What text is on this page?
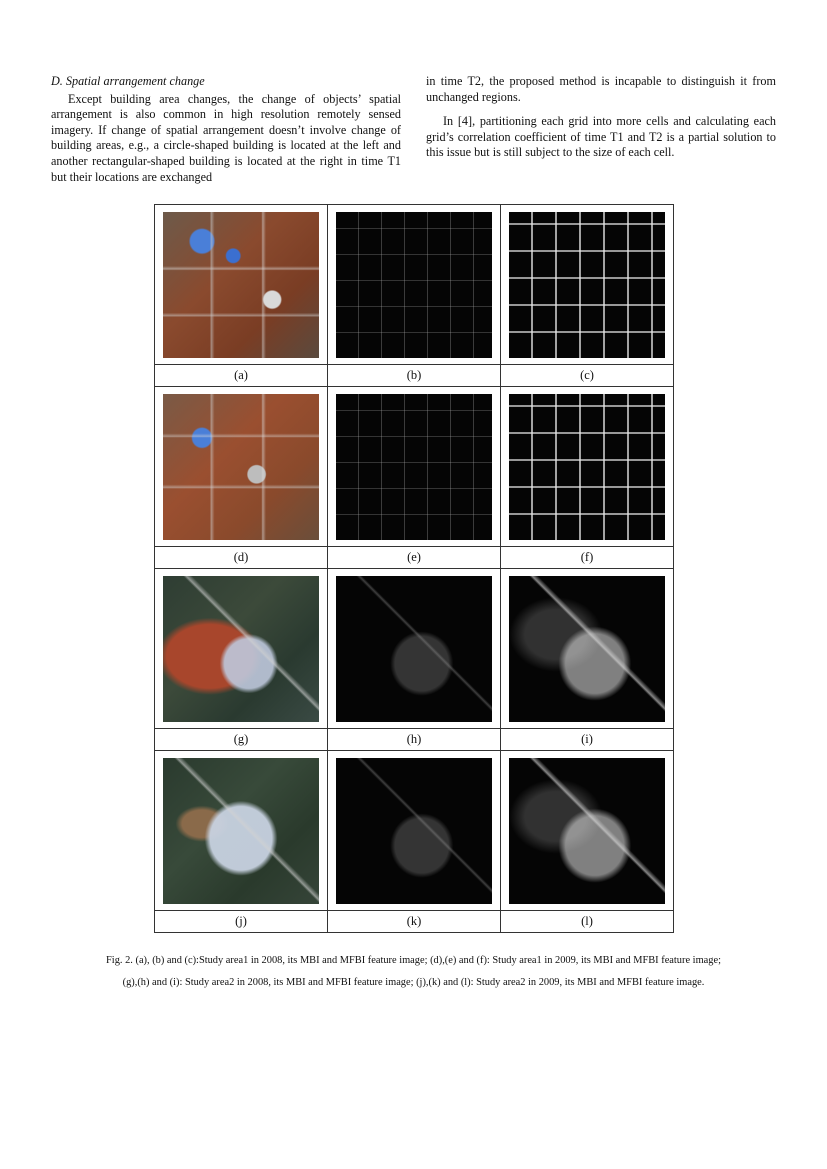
D. Spatial arrangement change

Except building area changes, the change of objects’ spatial arrangement is also common in high resolution remotely sensed imagery. If change of spatial arrangement doesn’t involve change of building areas, e.g., a circle-shaped building is located at the left and another rectangular-shaped building is located at the right in time T1 but their locations are exchanged

in time T2, the proposed method is incapable to distinguish it from unchanged regions.

In [4], partitioning each grid into more cells and calculating each grid’s correlation coefficient of time T1 and T2 is a partial solution to this issue but is still subject to the size of each cell.

(a)	(b)	(c)

(d)	(e)	(f)

(g)	(h)	(i)

(j)	(k)	(l)
Fig. 2. (a), (b) and (c):Study area1 in 2008, its MBI and MFBI feature image; (d),(e) and (f): Study area1 in 2009, its MBI and MFBI feature image;
(g),(h) and (i): Study area2 in 2008, its MBI and MFBI feature image; (j),(k) and (l): Study area2 in 2009, its MBI and MFBI feature image.
